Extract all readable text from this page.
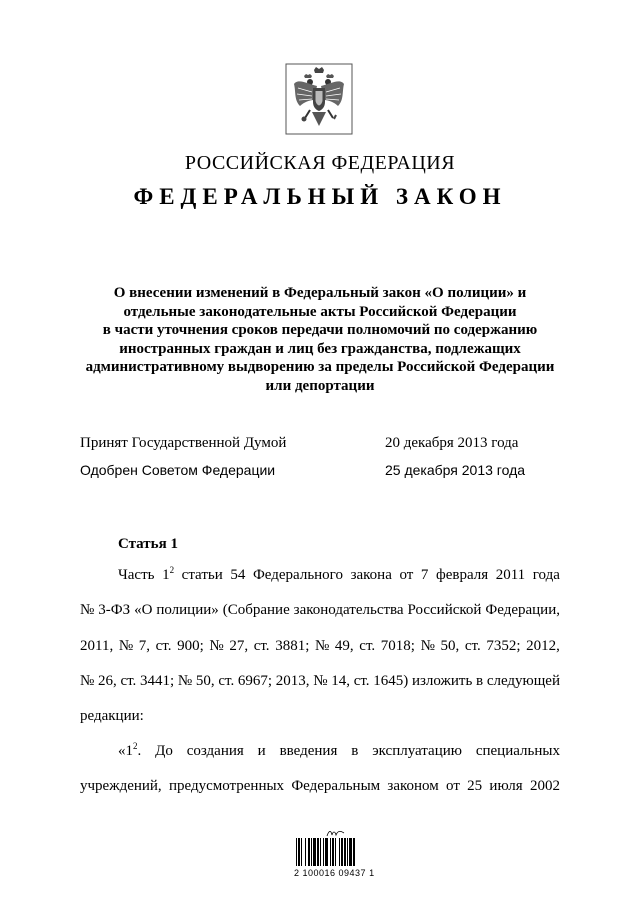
РОССИЙСКАЯ ФЕДЕРАЦИЯ
ФЕДЕРАЛЬНЫЙ ЗАКОН
О внесении изменений в Федеральный закон «О полиции» и
отдельные законодательные акты Российской Федерации
в части уточнения сроков передачи полномочий по содержанию
иностранных граждан и лиц без гражданства, подлежащих
административному выдворению за пределы Российской Федерации
или депортации
Принят Государственной Думой	20 декабря 2013 года
Одобрен Советом Федерации	25 декабря 2013 года
Статья 1
Часть $1^2$ статьи 54 Федерального закона от 7 февраля 2011 года
№ 3-ФЗ «О полиции» (Собрание законодательства Российской Федерации,
2011, № 7, ст. 900; № 27, ст. 3881; № 49, ст. 7018; № 50, ст. 7352; 2012,
№ 26, ст. 3441; № 50, ст. 6967; 2013, № 14, ст. 1645) изложить в следующей
редакции:
«$1^2$. До создания и введения в эксплуатацию специальных
учреждений, предусмотренных Федеральным законом от 25 июля 2002
2 100016 09437 1
